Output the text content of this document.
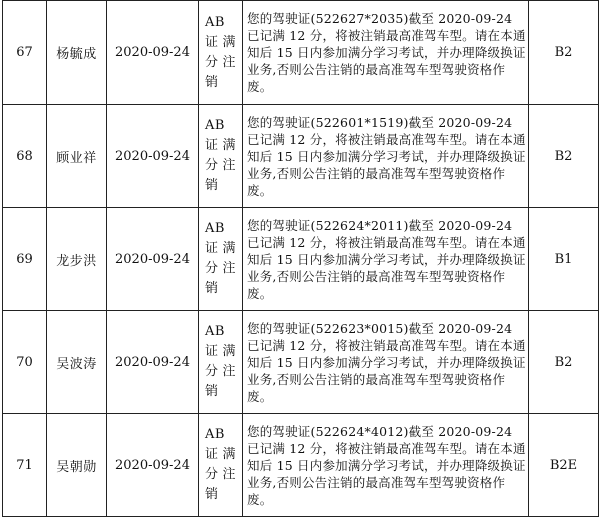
67	杨毓成	2020-09-24	AB 证满分注销	您的驾驶证(522627*2035)截至 2020-09-24 已记满 12 分，将被注销最高准驾车型。请在本通知后 15 日内参加满分学习考试，并办理降级换证业务,否则公告注销的最高准驾车型驾驶资格作废。	B2
68	顾业祥	2020-09-24	AB 证满分注销	您的驾驶证(522601*1519)截至 2020-09-24 已记满 12 分，将被注销最高准驾车型。请在本通知后 15 日内参加满分学习考试，并办理降级换证业务,否则公告注销的最高准驾车型驾驶资格作废。	B2
69	龙步洪	2020-09-24	AB 证满分注销	您的驾驶证(522624*2011)截至 2020-09-24 已记满 12 分，将被注销最高准驾车型。请在本通知后 15 日内参加满分学习考试，并办理降级换证业务,否则公告注销的最高准驾车型驾驶资格作废。	B1
70	吴波涛	2020-09-24	AB 证满分注销	您的驾驶证(522623*0015)截至 2020-09-24 已记满 12 分，将被注销最高准驾车型。请在本通知后 15 日内参加满分学习考试，并办理降级换证业务,否则公告注销的最高准驾车型驾驶资格作废。	B2
71	吴朝勋	2020-09-24	AB 证满分注销	您的驾驶证(522624*4012)截至 2020-09-24 已记满 12 分，将被注销最高准驾车型。请在本通知后 15 日内参加满分学习考试，并办理降级换证业务,否则公告注销的最高准驾车型驾驶资格作废。	B2E
